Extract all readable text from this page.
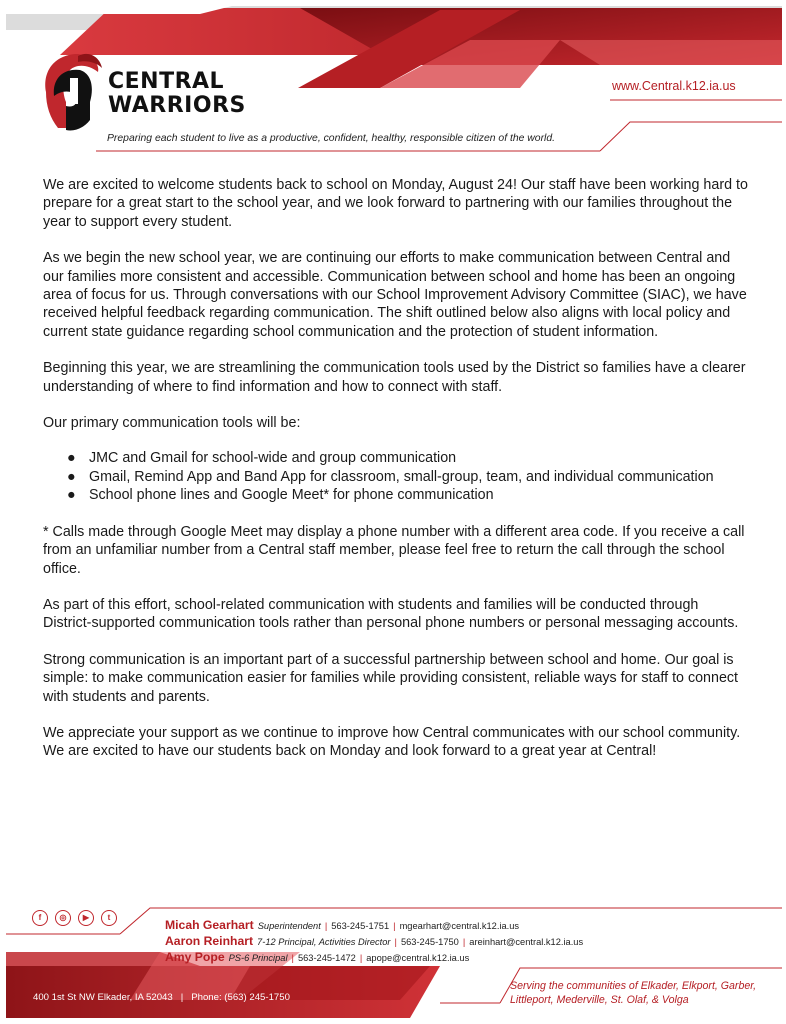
CENTRAL
WARRIORS
www.Central.k12.ia.us
Preparing each student to live as a productive, confident, healthy, responsible citizen of the world.

We are excited to welcome students back to school on Monday, August 24! Our staff have been working hard to prepare for a great start to the school year, and we look forward to partnering with our families throughout the year to support every student.

As we begin the new school year, we are continuing our efforts to make communication between Central and our families more consistent and accessible. Communication between school and home has been an ongoing area of focus for us. Through conversations with our School Improvement Advisory Committee (SIAC), we have received helpful feedback regarding communication. The shift outlined below also aligns with local policy and current state guidance regarding school communication and the protection of student information.

Beginning this year, we are streamlining the communication tools used by the District so families have a clearer understanding of where to find information and how to connect with staff.

Our primary communication tools will be:

● JMC and Gmail for school-wide and group communication
● Gmail, Remind App and Band App for classroom, small-group, team, and individual communication
● School phone lines and Google Meet* for phone communication

* Calls made through Google Meet may display a phone number with a different area code. If you receive a call from an unfamiliar number from a Central staff member, please feel free to return the call through the school office.

As part of this effort, school-related communication with students and families will be conducted through District-supported communication tools rather than personal phone numbers or personal messaging accounts.

Strong communication is an important part of a successful partnership between school and home. Our goal is simple: to make communication easier for families while providing consistent, reliable ways for staff to connect with students and parents.

We appreciate your support as we continue to improve how Central communicates with our school community. We are excited to have our students back on Monday and look forward to a great year at Central!

f	◎	▶	t
Micah Gearhart Superintendent | 563-245-1751 | mgearhart@central.k12.ia.us
Aaron Reinhart 7-12 Principal, Activities Director | 563-245-1750 | areinhart@central.k12.ia.us
Amy Pope PS-6 Principal | 563-245-1472 | apope@central.k12.ia.us
400 1st St NW Elkader, IA 52043 | Phone: (563) 245-1750
Serving the communities of Elkader, Elkport, Garber, Littleport, Mederville, St. Olaf, & Volga
